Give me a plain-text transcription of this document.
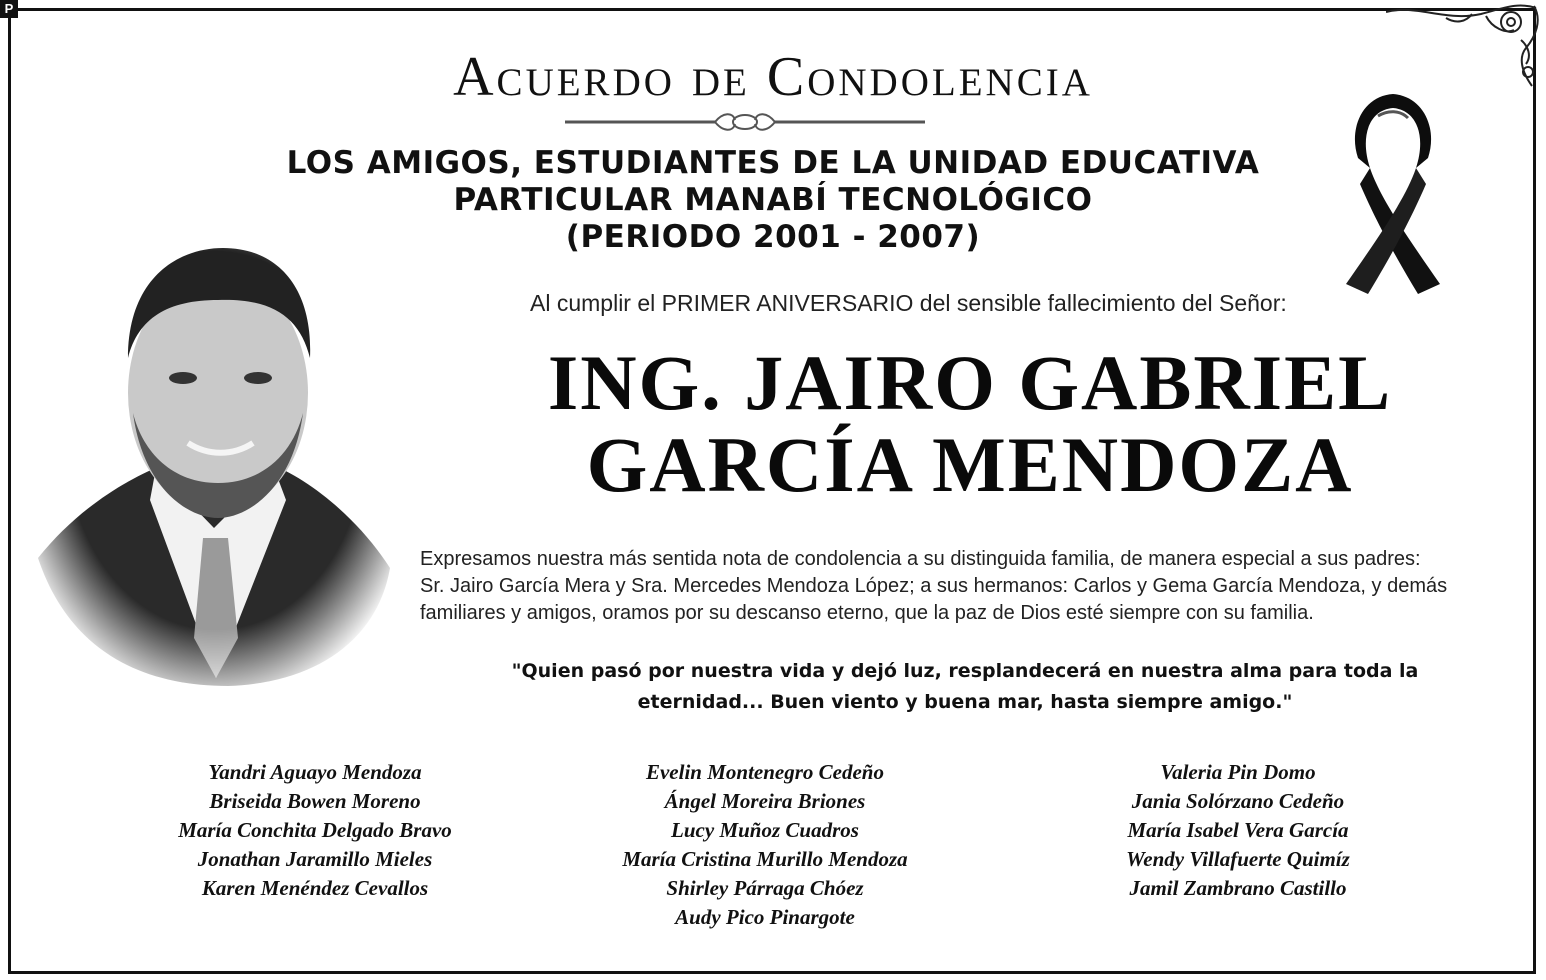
P
Acuerdo de Condolencia
LOS AMIGOS, ESTUDIANTES DE LA UNIDAD EDUCATIVA
PARTICULAR MANABÍ TECNOLÓGICO
(PERIODO 2001 - 2007)
Al cumplir el PRIMER ANIVERSARIO del sensible fallecimiento del Señor:
ING. JAIRO GABRIEL
GARCÍA MENDOZA
Expresamos nuestra más sentida nota de condolencia a su distinguida familia, de manera especial a sus padres:
Sr. Jairo García Mera y Sra. Mercedes Mendoza López; a sus hermanos: Carlos y Gema García Mendoza, y demás
familiares y amigos, oramos por su descanso eterno, que la paz de Dios esté siempre con su familia.
"Quien pasó por nuestra vida y dejó luz, resplandecerá en nuestra alma para toda la
eternidad... Buen viento y buena mar, hasta siempre amigo."
Yandri Aguayo Mendoza
Briseida Bowen Moreno
María Conchita Delgado Bravo
Jonathan Jaramillo Mieles
Karen Menéndez Cevallos
Evelin Montenegro Cedeño
Ángel Moreira Briones
Lucy Muñoz Cuadros
María Cristina Murillo Mendoza
Shirley Párraga Chóez
Audy Pico Pinargote
Valeria Pin Domo
Jania Solórzano Cedeño
María Isabel Vera García
Wendy Villafuerte Quimíz
Jamil Zambrano Castillo
